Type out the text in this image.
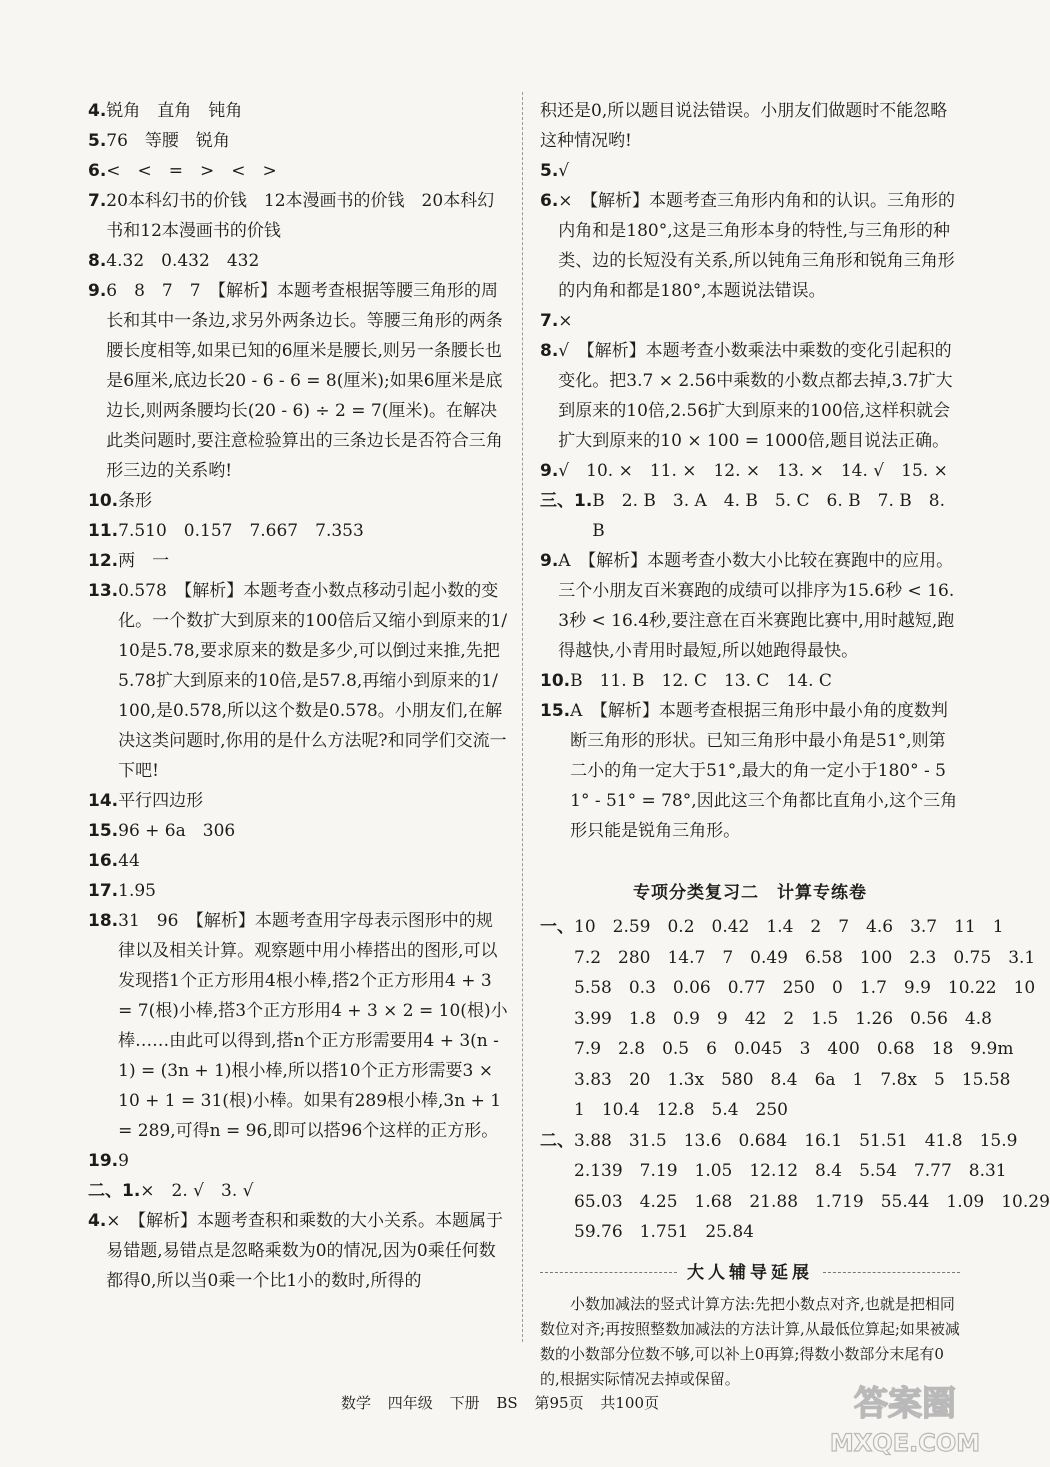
4. 锐角　直角　钝角
5. 76　等腰　锐角
6. <　<　=　>　<　>
7. 20本科幻书的价钱　12本漫画书的价钱　20本科幻书和12本漫画书的价钱
8. 4.32　0.432　432
9. 6　8　7　7　【解析】本题考查根据等腰三角形的周长和其中一条边,求另外两条边长。等腰三角形的两条腰长度相等,如果已知的6厘米是腰长,则另一条腰长也是6厘米,底边长20 - 6 - 6 = 8(厘米);如果6厘米是底边长,则两条腰均长(20 - 6) ÷ 2 = 7(厘米)。在解决此类问题时,要注意检验算出的三条边长是否符合三角形三边的关系哟!
10. 条形
11. 7.510　0.157　7.667　7.353
12. 两　一
13. 0.578　【解析】本题考查小数点移动引起小数的变化。一个数扩大到原来的100倍后又缩小到原来的1/10是5.78,要求原来的数是多少,可以倒过来推,先把5.78扩大到原来的10倍,是57.8,再缩小到原来的1/100,是0.578,所以这个数是0.578。小朋友们,在解决这类问题时,你用的是什么方法呢?和同学们交流一下吧!
14. 平行四边形
15. 96 + 6a　306
16. 44
17. 1.95
18. 31　96　【解析】本题考查用字母表示图形中的规律以及相关计算。观察题中用小棒搭出的图形,可以发现搭1个正方形用4根小棒,搭2个正方形用4 + 3 = 7(根)小棒,搭3个正方形用4 + 3 × 2 = 10(根)小棒……由此可以得到,搭n个正方形需要用4 + 3(n - 1) = (3n + 1)根小棒,所以搭10个正方形需要3 × 10 + 1 = 31(根)小棒。如果有289根小棒,3n + 1 = 289,可得n = 96,即可以搭96个这样的正方形。
19. 9
二、1. ×　2. √　3. √
4. ×　【解析】本题考查积和乘数的大小关系。本题属于易错题,易错点是忽略乘数为0的情况,因为0乘任何数都得0,所以当0乘一个比1小的数时,所得的
积还是0,所以题目说法错误。小朋友们做题时不能忽略这种情况哟!
5. √
6. ×　【解析】本题考查三角形内角和的认识。三角形的内角和是180°,这是三角形本身的特性,与三角形的种类、边的长短没有关系,所以钝角三角形和锐角三角形的内角和都是180°,本题说法错误。
7. ×
8. √　【解析】本题考查小数乘法中乘数的变化引起积的变化。把3.7 × 2.56中乘数的小数点都去掉,3.7扩大到原来的10倍,2.56扩大到原来的100倍,这样积就会扩大到原来的10 × 100 = 1000倍,题目说法正确。
9. √　10. ×　11. ×　12. ×　13. ×　14. √　15. ×
三、1. B　2. B　3. A　4. B　5. C　6. B　7. B　8. B
9. A　【解析】本题考查小数大小比较在赛跑中的应用。三个小朋友百米赛跑的成绩可以排序为15.6秒 < 16.3秒 < 16.4秒,要注意在百米赛跑比赛中,用时越短,跑得越快,小青用时最短,所以她跑得最快。
10. B　11. B　12. C　13. C　14. C
15. A　【解析】本题考查根据三角形中最小角的度数判断三角形的形状。已知三角形中最小角是51°,则第二小的角一定大于51°,最大的角一定小于180° - 51° - 51° = 78°,因此这三个角都比直角小,这个三角形只能是锐角三角形。
专项分类复习二　计算专练卷
一、 10　2.59　0.2　0.42　1.4　2　7　4.6　3.7　11　1
7.2　280　14.7　7　0.49　6.58　100　2.3　0.75　3.1
5.58　0.3　0.06　0.77　250　0　1.7　9.9　10.22　10
3.99　1.8　0.9　9　42　2　1.5　1.26　0.56　4.8
7.9　2.8　0.5　6　0.045　3　400　0.68　18　9.9m
3.83　20　1.3x　580　8.4　6a　1　7.8x　5　15.58
1　10.4　12.8　5.4　250
二、 3.88　31.5　13.6　0.684　16.1　51.51　41.8　15.9
2.139　7.19　1.05　12.12　8.4　5.54　7.77　8.31
65.03　4.25　1.68　21.88　1.719　55.44　1.09　10.29
59.76　1.751　25.84
大人辅导延展
小数加减法的竖式计算方法:先把小数点对齐,也就是把相同数位对齐;再按照整数加减法的方法计算,从最低位算起;如果被减数的小数部分位数不够,可以补上0再算;得数小数部分末尾有0的,根据实际情况去掉或保留。
数学 四年级 下册 BS 第95页 共100页	答案圈
MXQE.COM
